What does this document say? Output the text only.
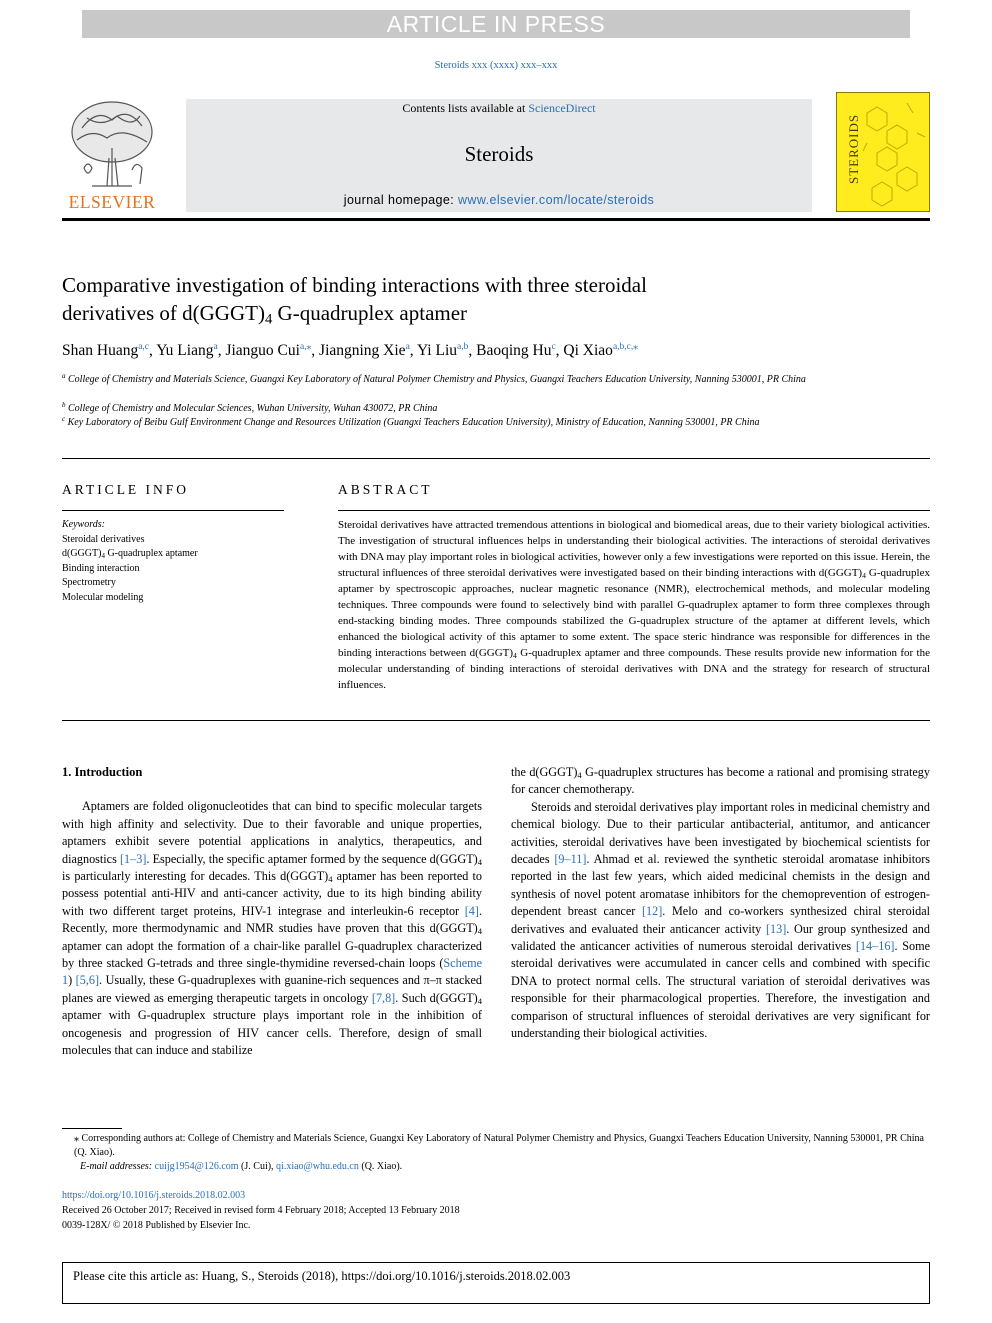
ARTICLE IN PRESS
Steroids xxx (xxxx) xxx–xxx
ELSEVIER
Contents lists available at ScienceDirect
Steroids
journal homepage: www.elsevier.com/locate/steroids
STEROIDS
Comparative investigation of binding interactions with three steroidal
derivatives of $d(GGGT)_4$ G-quadruplex aptamer
Shan Huang$^{a,c}$, Yu Liang$^a$, Jianguo Cui$^{a,⁎}$, Jiangning Xie$^a$, Yi Liu$^{a,b}$, Baoqing Hu$^c$, Qi Xiao$^{a,b,c,⁎}$
$^a$ College of Chemistry and Materials Science, Guangxi Key Laboratory of Natural Polymer Chemistry and Physics, Guangxi Teachers Education University, Nanning 530001, PR China
$^b$ College of Chemistry and Molecular Sciences, Wuhan University, Wuhan 430072, PR China
$^c$ Key Laboratory of Beibu Gulf Environment Change and Resources Utilization (Guangxi Teachers Education University), Ministry of Education, Nanning 530001, PR China
ARTICLE INFO	ABSTRACT
Keywords:
Steroidal derivatives
$d(GGGT)_4$ G-quadruplex aptamer
Binding interaction
Spectrometry
Molecular modeling
Steroidal derivatives have attracted tremendous attentions in biological and biomedical areas, due to their variety biological activities. The investigation of structural influences helps in understanding their biological activities. The interactions of steroidal derivatives with DNA may play important roles in biological activities, however only a few investigations were reported on this issue. Herein, the structural influences of three steroidal derivatives were investigated based on their binding interactions with $d(GGGT)_4$ G-quadruplex aptamer by spectroscopic approaches, nuclear magnetic resonance (NMR), electrochemical methods, and molecular modeling techniques. Three compounds were found to selectively bind with parallel G-quadruplex aptamer to form three complexes through end-stacking binding modes. Three compounds stabilized the G-quadruplex structure of the aptamer at different levels, which enhanced the biological activity of this aptamer to some extent. The space steric hindrance was responsible for differences in the binding interactions between $d(GGGT)_4$ G-quadruplex aptamer and three compounds. These results provide new information for the molecular understanding of binding interactions of steroidal derivatives with DNA and the strategy for research of structural influences.
1. Introduction

Aptamers are folded oligonucleotides that can bind to specific molecular targets with high affinity and selectivity. Due to their favorable and unique properties, aptamers exhibit severe potential applications in analytics, therapeutics, and diagnostics [1–3]. Especially, the specific aptamer formed by the sequence $d(GGGT)_4$ is particularly interesting for decades. This $d(GGGT)_4$ aptamer has been reported to possess potential anti-HIV and anti-cancer activity, due to its high binding ability with two different target proteins, HIV-1 integrase and interleukin-6 receptor [4]. Recently, more thermodynamic and NMR studies have proven that this $d(GGGT)_4$ aptamer can adopt the formation of a chair-like parallel G-quadruplex characterized by three stacked G-tetrads and three single-thymidine reversed-chain loops (Scheme 1) [5,6]. Usually, these G-quadruplexes with guanine-rich sequences and π–π stacked planes are viewed as emerging therapeutic targets in oncology [7,8]. Such $d(GGGT)_4$ aptamer with G-quadruplex structure plays important role in the inhibition of oncogenesis and progression of HIV cancer cells. Therefore, design of small molecules that can induce and stabilize

the $d(GGGT)_4$ G-quadruplex structures has become a rational and promising strategy for cancer chemotherapy.

Steroids and steroidal derivatives play important roles in medicinal chemistry and chemical biology. Due to their particular antibacterial, antitumor, and anticancer activities, steroidal derivatives have been investigated by biochemical scientists for decades [9–11]. Ahmad et al. reviewed the synthetic steroidal aromatase inhibitors reported in the last few years, which aided medicinal chemists in the design and synthesis of novel potent aromatase inhibitors for the chemoprevention of estrogen-dependent breast cancer [12]. Melo and co-workers synthesized chiral steroidal derivatives and evaluated their anticancer activity [13]. Our group synthesized and validated the anticancer activities of numerous steroidal derivatives [14–16]. Some steroidal derivatives were accumulated in cancer cells and combined with specific DNA to protect normal cells. The structural variation of steroidal derivatives was responsible for their pharmacological properties. Therefore, the investigation and comparison of structural influences of steroidal derivatives are very significant for understanding their biological activities.

⁎ Corresponding authors at: College of Chemistry and Materials Science, Guangxi Key Laboratory of Natural Polymer Chemistry and Physics, Guangxi Teachers Education University, Nanning 530001, PR China (Q. Xiao).
E-mail addresses: cuijg1954@126.com (J. Cui), qi.xiao@whu.edu.cn (Q. Xiao).
https://doi.org/10.1016/j.steroids.2018.02.003
Received 26 October 2017; Received in revised form 4 February 2018; Accepted 13 February 2018
0039-128X/ © 2018 Published by Elsevier Inc.
Please cite this article as: Huang, S., Steroids (2018), https://doi.org/10.1016/j.steroids.2018.02.003
